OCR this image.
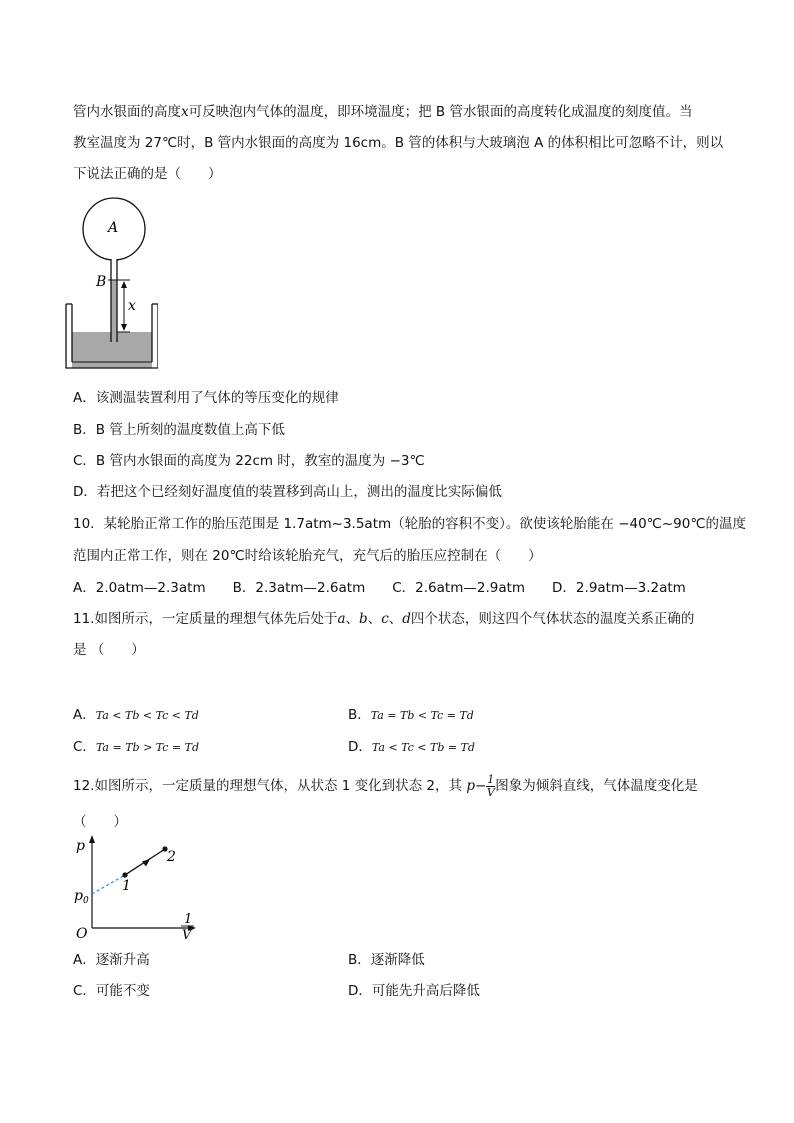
管内水银面的高度x可反映泡内气体的温度，即环境温度；把 B 管水银面的高度转化成温度的刻度值。当
教室温度为 27℃时，B 管内水银面的高度为 16cm。B 管的体积与大玻璃泡 A 的体积相比可忽略不计，则以
下说法正确的是（　　）
A
B
x
A．该测温装置利用了气体的等压变化的规律
B．B 管上所刻的温度数值上高下低
C．B 管内水银面的高度为 22cm 时，教室的温度为 −3℃
D．若把这个已经刻好温度值的装置移到高山上，测出的温度比实际偏低
10．某轮胎正常工作的胎压范围是 1.7atm~3.5atm（轮胎的容积不变）。欲使该轮胎能在 −40℃~90℃的温度
范围内正常工作，则在 20℃时给该轮胎充气，充气后的胎压应控制在（　　）
A．2.0atm—2.3atm　　B．2.3atm—2.6atm　　C．2.6atm—2.9atm　　D．2.9atm—3.2atm
11.如图所示，一定质量的理想气体先后处于a、b、c、d四个状态，则这四个气体状态的温度关系正确的
是 （　　）
A．Ta < Tb < Tc < Td	B．Ta = Tb < Tc = Td
C．Ta = Tb > Tc = Td	D．Ta < Tc < Tb = Td
12.如图所示，一定质量的理想气体，从状态 1 变化到状态 2，其 $p- \frac{1}{V}$ 图象为倾斜直线，气体温度变化是
（　　）
p
O
p 0
1
2
1
V
A．逐渐升高	B．逐渐降低
C．可能不变	D．可能先升高后降低
